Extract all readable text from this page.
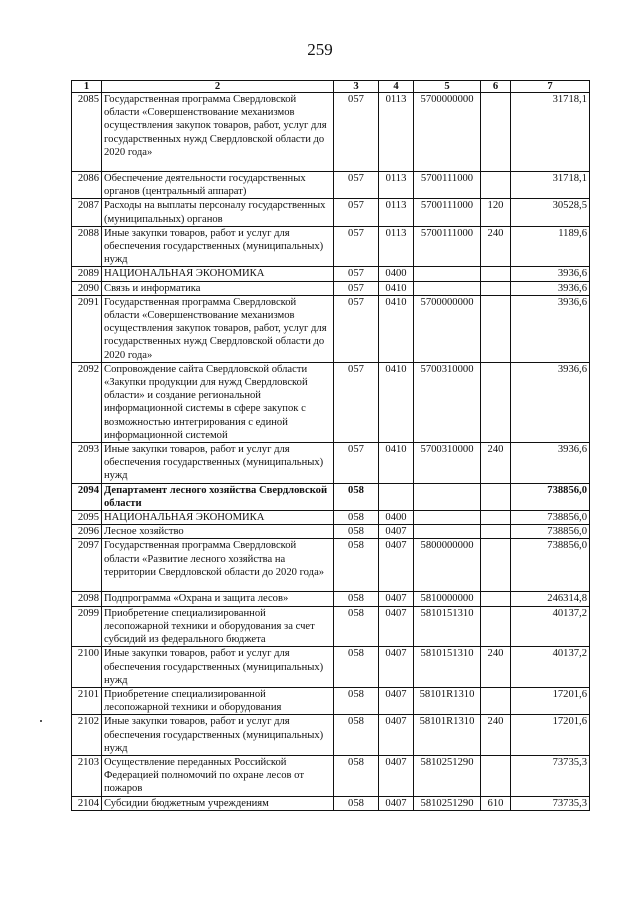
259
1	2	3	4	5	6	7
2085	Государственная программа Свердловской области «Совершенствование механизмов осуществления закупок товаров, работ, услуг для государственных нужд Свердловской области до 2020 года»	057	0113	5700000000		31718,1
2086	Обеспечение деятельности государственных органов (центральный аппарат)	057	0113	5700111000		31718,1
2087	Расходы на выплаты персоналу государственных (муниципальных) органов	057	0113	5700111000	120	30528,5
2088	Иные закупки товаров, работ и услуг для обеспечения государственных (муниципальных) нужд	057	0113	5700111000	240	1189,6
2089	НАЦИОНАЛЬНАЯ ЭКОНОМИКА	057	0400			3936,6
2090	Связь и информатика	057	0410			3936,6
2091	Государственная программа Свердловской области «Совершенствование механизмов осуществления закупок товаров, работ, услуг для государственных нужд Свердловской области до 2020 года»	057	0410	5700000000		3936,6
2092	Сопровождение сайта Свердловской области «Закупки продукции для нужд Свердловской области» и создание региональной информационной системы в сфере закупок с возможностью интегрирования с единой информационной системой	057	0410	5700310000		3936,6
2093	Иные закупки товаров, работ и услуг для обеспечения государственных (муниципальных) нужд	057	0410	5700310000	240	3936,6
2094	Департамент лесного хозяйства Свердловской области	058				738856,0
2095	НАЦИОНАЛЬНАЯ ЭКОНОМИКА	058	0400			738856,0
2096	Лесное хозяйство	058	0407			738856,0
2097	Государственная программа Свердловской области «Развитие лесного хозяйства на территории Свердловской области до 2020 года»	058	0407	5800000000		738856,0
2098	Подпрограмма «Охрана и защита лесов»	058	0407	5810000000		246314,8
2099	Приобретение специализированной лесопожарной техники и оборудования за счет субсидий из федерального бюджета	058	0407	5810151310		40137,2
2100	Иные закупки товаров, работ и услуг для обеспечения государственных (муниципальных) нужд	058	0407	5810151310	240	40137,2
2101	Приобретение специализированной лесопожарной техники и оборудования	058	0407	58101R1310		17201,6
2102	Иные закупки товаров, работ и услуг для обеспечения государственных (муниципальных) нужд	058	0407	58101R1310	240	17201,6
2103	Осуществление переданных Российской Федерацией полномочий по охране лесов от пожаров	058	0407	5810251290		73735,3
2104	Субсидии бюджетным учреждениям	058	0407	5810251290	610	73735,3
